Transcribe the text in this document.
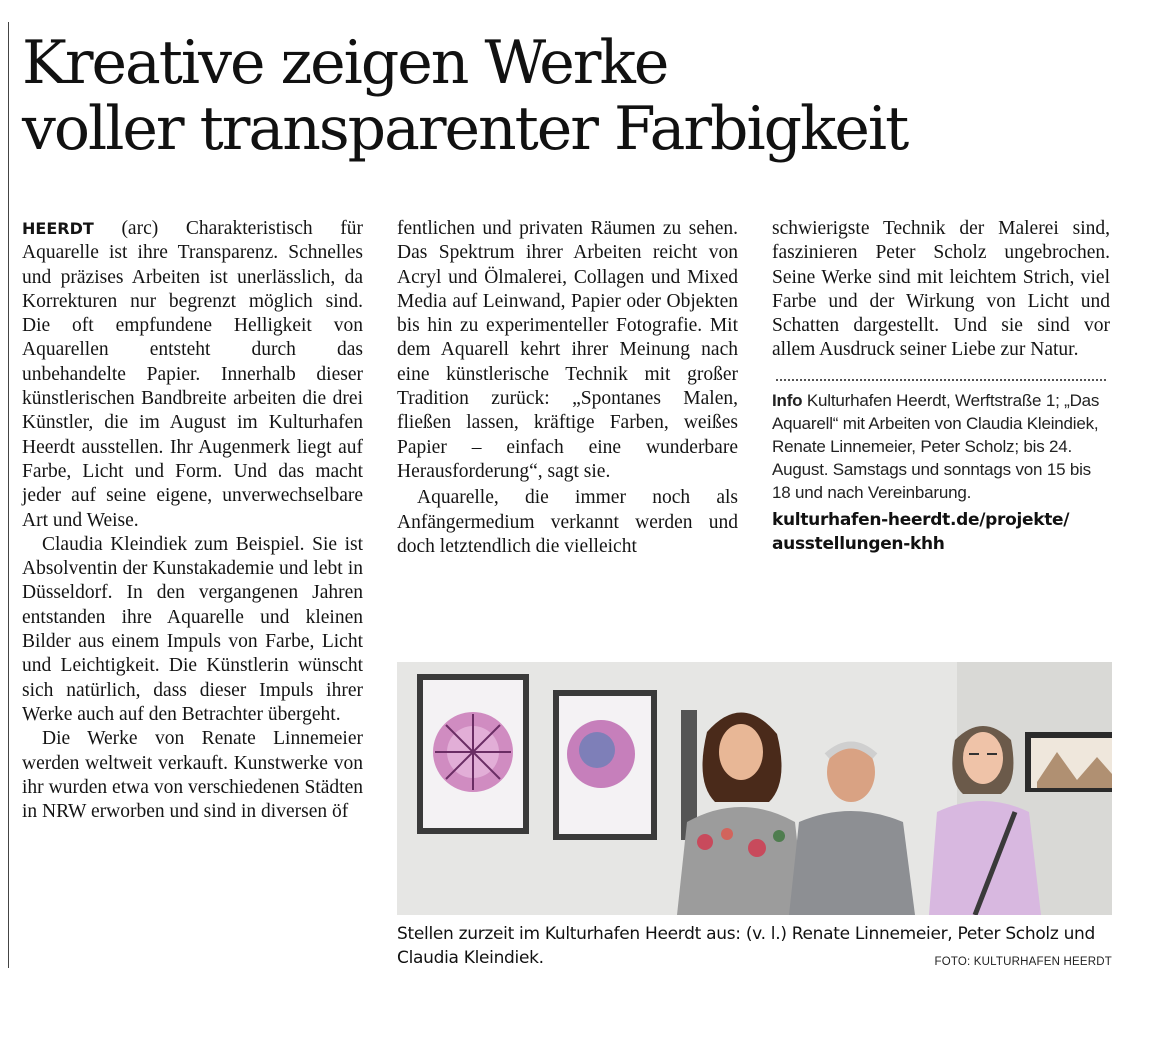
Kreative zeigen Werke
voller transparenter Farbigkeit

HEERDT (arc) Charakteristisch für Aquarelle ist ihre Transparenz. Schnelles und präzises Arbeiten ist unerlässlich, da Korrekturen nur begrenzt möglich sind. Die oft empfundene Helligkeit von Aquarellen entsteht durch das unbehandelte Papier. Innerhalb dieser künstlerischen Bandbreite arbeiten die drei Künstler, die im August im Kulturhafen Heerdt ausstellen. Ihr Augenmerk liegt auf Farbe, Licht und Form. Und das macht jeder auf seine eigene, unverwechselbare Art und Weise.

Claudia Kleindiek zum Beispiel. Sie ist Absolventin der Kunstakademie und lebt in Düsseldorf. In den vergangenen Jahren entstanden ihre Aquarelle und kleinen Bilder aus einem Impuls von Farbe, Licht und Leichtigkeit. Die Künstlerin wünscht sich natürlich, dass dieser Impuls ihrer Werke auch auf den Betrachter übergeht.

Die Werke von Renate Linnemeier werden weltweit verkauft. Kunstwerke von ihr wurden etwa von verschiedenen Städten in NRW erworben und sind in diversen öf

fentlichen und privaten Räumen zu sehen. Das Spektrum ihrer Arbeiten reicht von Acryl und Ölmalerei, Collagen und Mixed Media auf Leinwand, Papier oder Objekten bis hin zu experimenteller Fotografie. Mit dem Aquarell kehrt ihrer Meinung nach eine künstlerische Technik mit großer Tradition zurück: „Spontanes Malen, fließen lassen, kräftige Farben, weißes Papier – einfach eine wunderbare Herausforderung“, sagt sie.

Aquarelle, die immer noch als Anfängermedium verkannt werden und doch letztendlich die vielleicht

schwierigste Technik der Malerei sind, faszinieren Peter Scholz ungebrochen. Seine Werke sind mit leichtem Strich, viel Farbe und der Wirkung von Licht und Schatten dargestellt. Und sie sind vor allem Ausdruck seiner Liebe zur Natur.

Info Kulturhafen Heerdt, Werftstraße 1; „Das Aquarell“ mit Arbeiten von Claudia Kleindiek, Renate Linnemeier, Peter Scholz; bis 24. August. Samstags und sonntags von 15 bis 18 und nach Vereinbarung.
kulturhafen-heerdt.de/projekte/ ausstellungen-khh
Stellen zurzeit im Kulturhafen Heerdt aus: (v. l.) Renate Linnemeier, Peter Scholz und Claudia Kleindiek.	FOTO: KULTURHAFEN HEERDT
